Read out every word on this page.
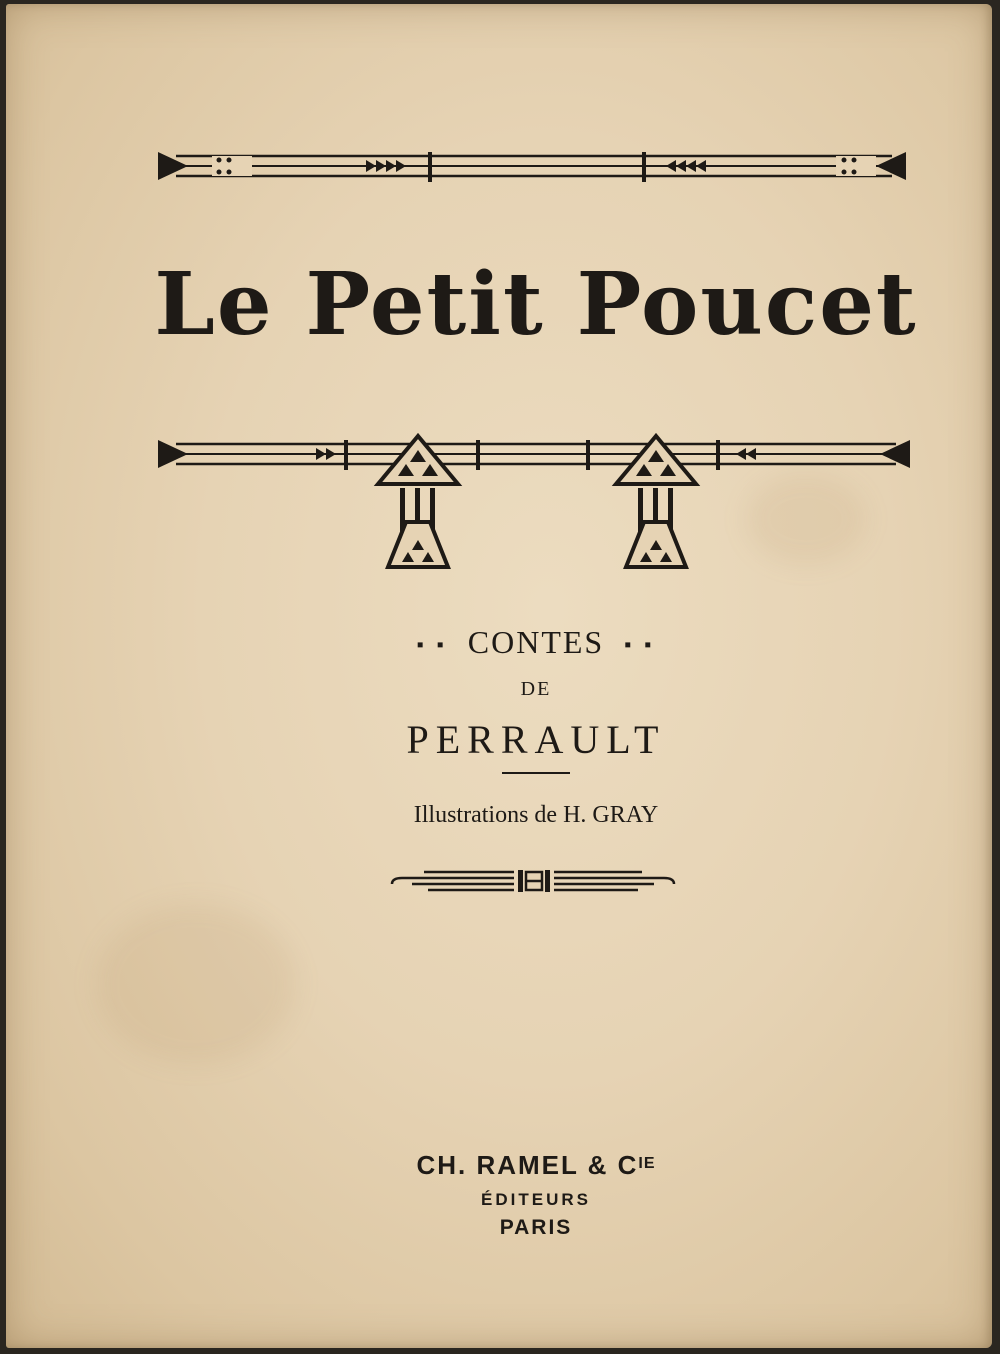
Le Petit Poucet
▪ ▪ CONTES ▪ ▪
DE
PERRAULT
Illustrations de H. GRAY
CH. RAMEL & $C^{IE}$
ÉDITEURS
PARIS
